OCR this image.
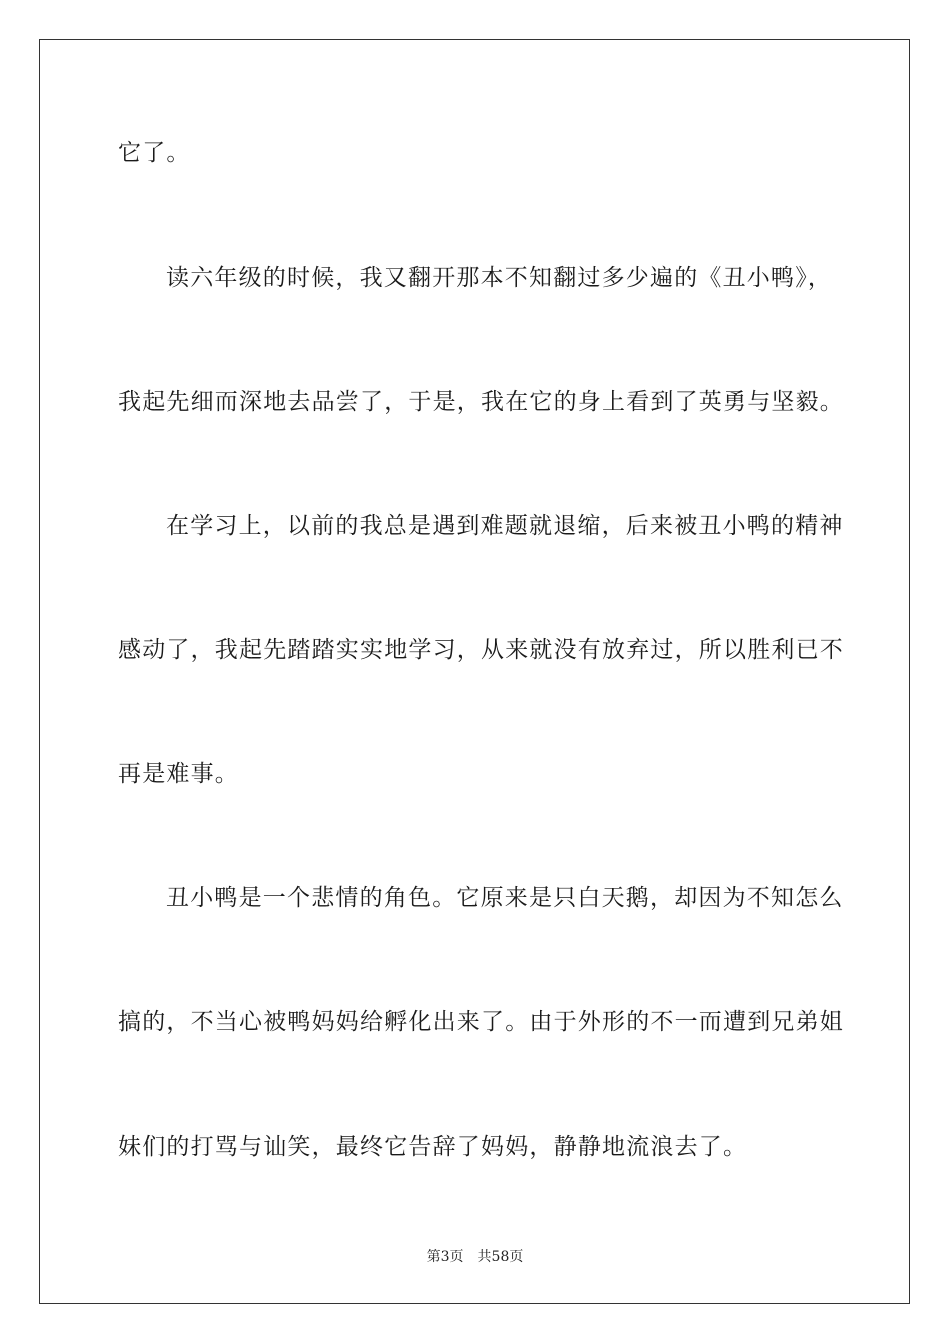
它了。
读六年级的时候，我又翻开那本不知翻过多少遍的《丑小鸭》，
我起先细而深地去品尝了，于是，我在它的身上看到了英勇与坚毅。
在学习上，以前的我总是遇到难题就退缩，后来被丑小鸭的精神
感动了，我起先踏踏实实地学习，从来就没有放弃过，所以胜利已不
再是难事。
丑小鸭是一个悲情的角色。它原来是只白天鹅，却因为不知怎么
搞的，不当心被鸭妈妈给孵化出来了。由于外形的不一而遭到兄弟姐
妹们的打骂与讪笑，最终它告辞了妈妈，静静地流浪去了。
第3页 共58页
